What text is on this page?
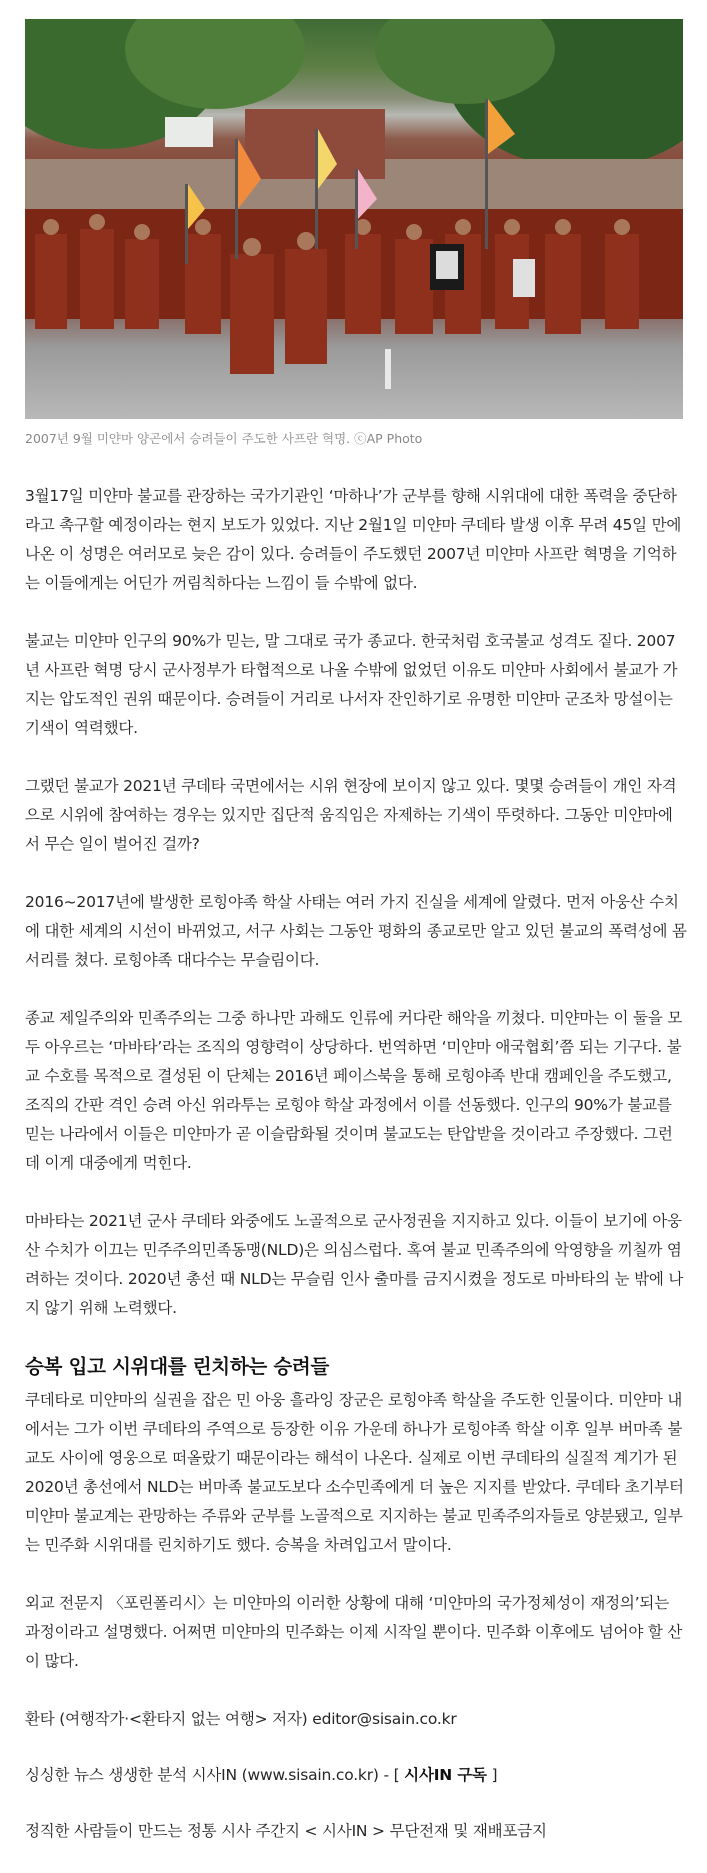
2007년 9월 미얀마 양곤에서 승려들이 주도한 사프란 혁명. ⓒAP Photo

3월17일 미얀마 불교를 관장하는 국가기관인 ‘마하나’가 군부를 향해 시위대에 대한 폭력을 중단하라고 촉구할 예정이라는 현지 보도가 있었다. 지난 2월1일 미얀마 쿠데타 발생 이후 무려 45일 만에 나온 이 성명은 여러모로 늦은 감이 있다. 승려들이 주도했던 2007년 미얀마 사프란 혁명을 기억하는 이들에게는 어딘가 꺼림칙하다는 느낌이 들 수밖에 없다.

불교는 미얀마 인구의 90%가 믿는, 말 그대로 국가 종교다. 한국처럼 호국불교 성격도 짙다. 2007년 사프란 혁명 당시 군사정부가 타협적으로 나올 수밖에 없었던 이유도 미얀마 사회에서 불교가 가지는 압도적인 권위 때문이다. 승려들이 거리로 나서자 잔인하기로 유명한 미얀마 군조차 망설이는 기색이 역력했다.

그랬던 불교가 2021년 쿠데타 국면에서는 시위 현장에 보이지 않고 있다. 몇몇 승려들이 개인 자격으로 시위에 참여하는 경우는 있지만 집단적 움직임은 자제하는 기색이 뚜렷하다. 그동안 미얀마에서 무슨 일이 벌어진 걸까?

2016~2017년에 발생한 로힝야족 학살 사태는 여러 가지 진실을 세계에 알렸다. 먼저 아웅산 수치에 대한 세계의 시선이 바뀌었고, 서구 사회는 그동안 평화의 종교로만 알고 있던 불교의 폭력성에 몸서리를 쳤다. 로힝야족 대다수는 무슬림이다.

종교 제일주의와 민족주의는 그중 하나만 과해도 인류에 커다란 해악을 끼쳤다. 미얀마는 이 둘을 모두 아우르는 ‘마바타’라는 조직의 영향력이 상당하다. 번역하면 ‘미얀마 애국협회’쯤 되는 기구다. 불교 수호를 목적으로 결성된 이 단체는 2016년 페이스북을 통해 로힝야족 반대 캠페인을 주도했고, 조직의 간판 격인 승려 아신 위라투는 로힝야 학살 과정에서 이를 선동했다. 인구의 90%가 불교를 믿는 나라에서 이들은 미얀마가 곧 이슬람화될 것이며 불교도는 탄압받을 것이라고 주장했다. 그런데 이게 대중에게 먹힌다.

마바타는 2021년 군사 쿠데타 와중에도 노골적으로 군사정권을 지지하고 있다. 이들이 보기에 아웅산 수치가 이끄는 민주주의민족동맹(NLD)은 의심스럽다. 혹여 불교 민족주의에 악영향을 끼칠까 염려하는 것이다. 2020년 총선 때 NLD는 무슬림 인사 출마를 금지시켰을 정도로 마바타의 눈 밖에 나지 않기 위해 노력했다.

승복 입고 시위대를 린치하는 승려들

쿠데타로 미얀마의 실권을 잡은 민 아웅 흘라잉 장군은 로힝야족 학살을 주도한 인물이다. 미얀마 내에서는 그가 이번 쿠데타의 주역으로 등장한 이유 가운데 하나가 로힝야족 학살 이후 일부 버마족 불교도 사이에 영웅으로 떠올랐기 때문이라는 해석이 나온다. 실제로 이번 쿠데타의 실질적 계기가 된 2020년 총선에서 NLD는 버마족 불교도보다 소수민족에게 더 높은 지지를 받았다. 쿠데타 초기부터 미얀마 불교계는 관망하는 주류와 군부를 노골적으로 지지하는 불교 민족주의자들로 양분됐고, 일부는 민주화 시위대를 린치하기도 했다. 승복을 차려입고서 말이다.

외교 전문지 〈포린폴리시〉는 미얀마의 이러한 상황에 대해 ‘미얀마의 국가정체성이 재정의’되는 과정이라고 설명했다. 어쩌면 미얀마의 민주화는 이제 시작일 뿐이다. 민주화 이후에도 넘어야 할 산이 많다.

환타 (여행작가·<환타지 없는 여행> 저자) editor@sisain.co.kr
싱싱한 뉴스 생생한 분석 시사IN (www.sisain.co.kr) - [ 시사IN 구독 ]
정직한 사람들이 만드는 정통 시사 주간지 < 시사IN > 무단전재 및 재배포금지
